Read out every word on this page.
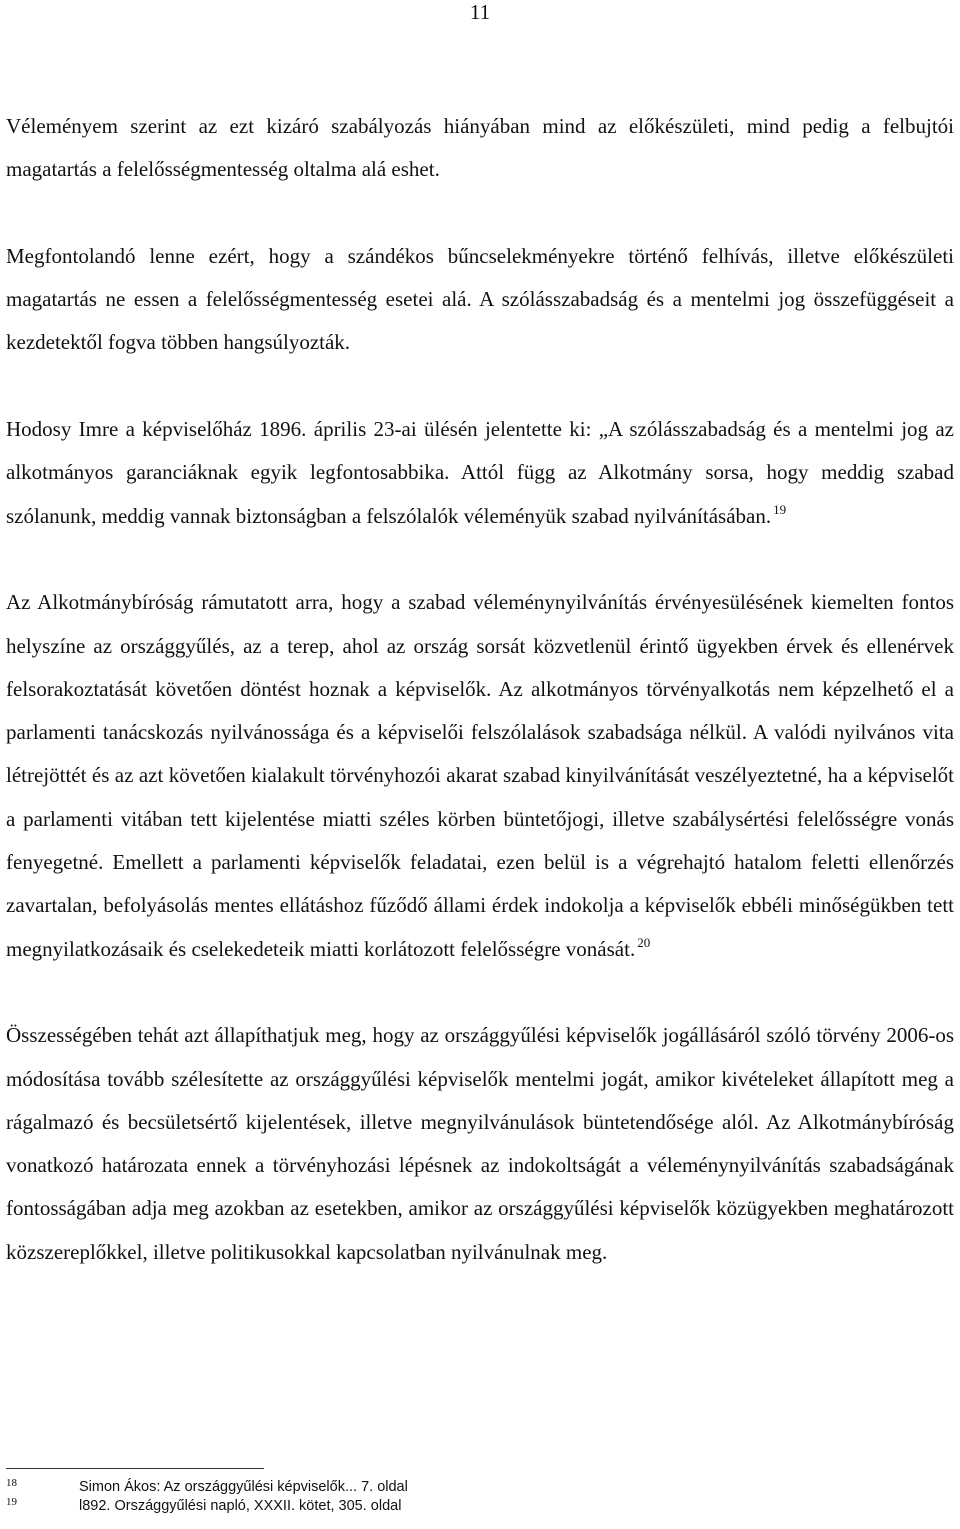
11

Véleményem szerint az ezt kizáró szabályozás hiányában mind az előkészületi, mind pedig a felbujtói magatartás a felelősségmentesség oltalma alá eshet.

Megfontolandó lenne ezért, hogy a szándékos bűncselekményekre történő felhívás, illetve előkészületi magatartás ne essen a felelősségmentesség esetei alá. A szólásszabadság és a mentelmi jog összefüggéseit a kezdetektől fogva többen hangsúlyozták.

Hodosy Imre a képviselőház 1896. április 23-ai ülésén jelentette ki: „A szólásszabadság és a mentelmi jog az alkotmányos garanciáknak egyik legfontosabbika. Attól függ az Alkotmány sorsa, hogy meddig szabad szólanunk, meddig vannak biztonságban a felszólalók véleményük szabad nyilvánításában. $^{19}$

Az Alkotmánybíróság rámutatott arra, hogy a szabad véleménynyilvánítás érvényesülésének kiemelten fontos helyszíne az országgyűlés, az a terep, ahol az ország sorsát közvetlenül érintő ügyekben érvek és ellenérvek felsorakoztatását követően döntést hoznak a képviselők. Az alkotmányos törvényalkotás nem képzelhető el a parlamenti tanácskozás nyilvánossága és a képviselői felszólalások szabadsága nélkül. A valódi nyilvános vita létrejöttét és az azt követően kialakult törvényhozói akarat szabad kinyilvánítását veszélyeztetné, ha a képviselőt a parlamenti vitában tett kijelentése miatti széles körben büntetőjogi, illetve szabálysértési felelősségre vonás fenyegetné. Emellett a parlamenti képviselők feladatai, ezen belül is a végrehajtó hatalom feletti ellenőrzés zavartalan, befolyásolás mentes ellátáshoz fűződő állami érdek indokolja a képviselők ebbéli minőségükben tett megnyilatkozásaik és cselekedeteik miatti korlátozott felelősségre vonását. $^{20}$

Összességében tehát azt állapíthatjuk meg, hogy az országgyűlési képviselők jogállásáról szóló törvény 2006-os módosítása tovább szélesítette az országgyűlési képviselők mentelmi jogát, amikor kivételeket állapított meg a rágalmazó és becsületsértő kijelentések, illetve megnyilvánulások büntetendősége alól. Az Alkotmánybíróság vonatkozó határozata ennek a törvényhozási lépésnek az indokoltságát a véleménynyilvánítás szabadságának fontosságában adja meg azokban az esetekben, amikor az országgyűlési képviselők közügyekben meghatározott közszereplőkkel, illetve politikusokkal kapcsolatban nyilvánulnak meg.

18	Simon Ákos: Az országgyűlési képviselők... 7. oldal
19	l892. Országgyűlési napló, XXXII. kötet, 305. oldal
